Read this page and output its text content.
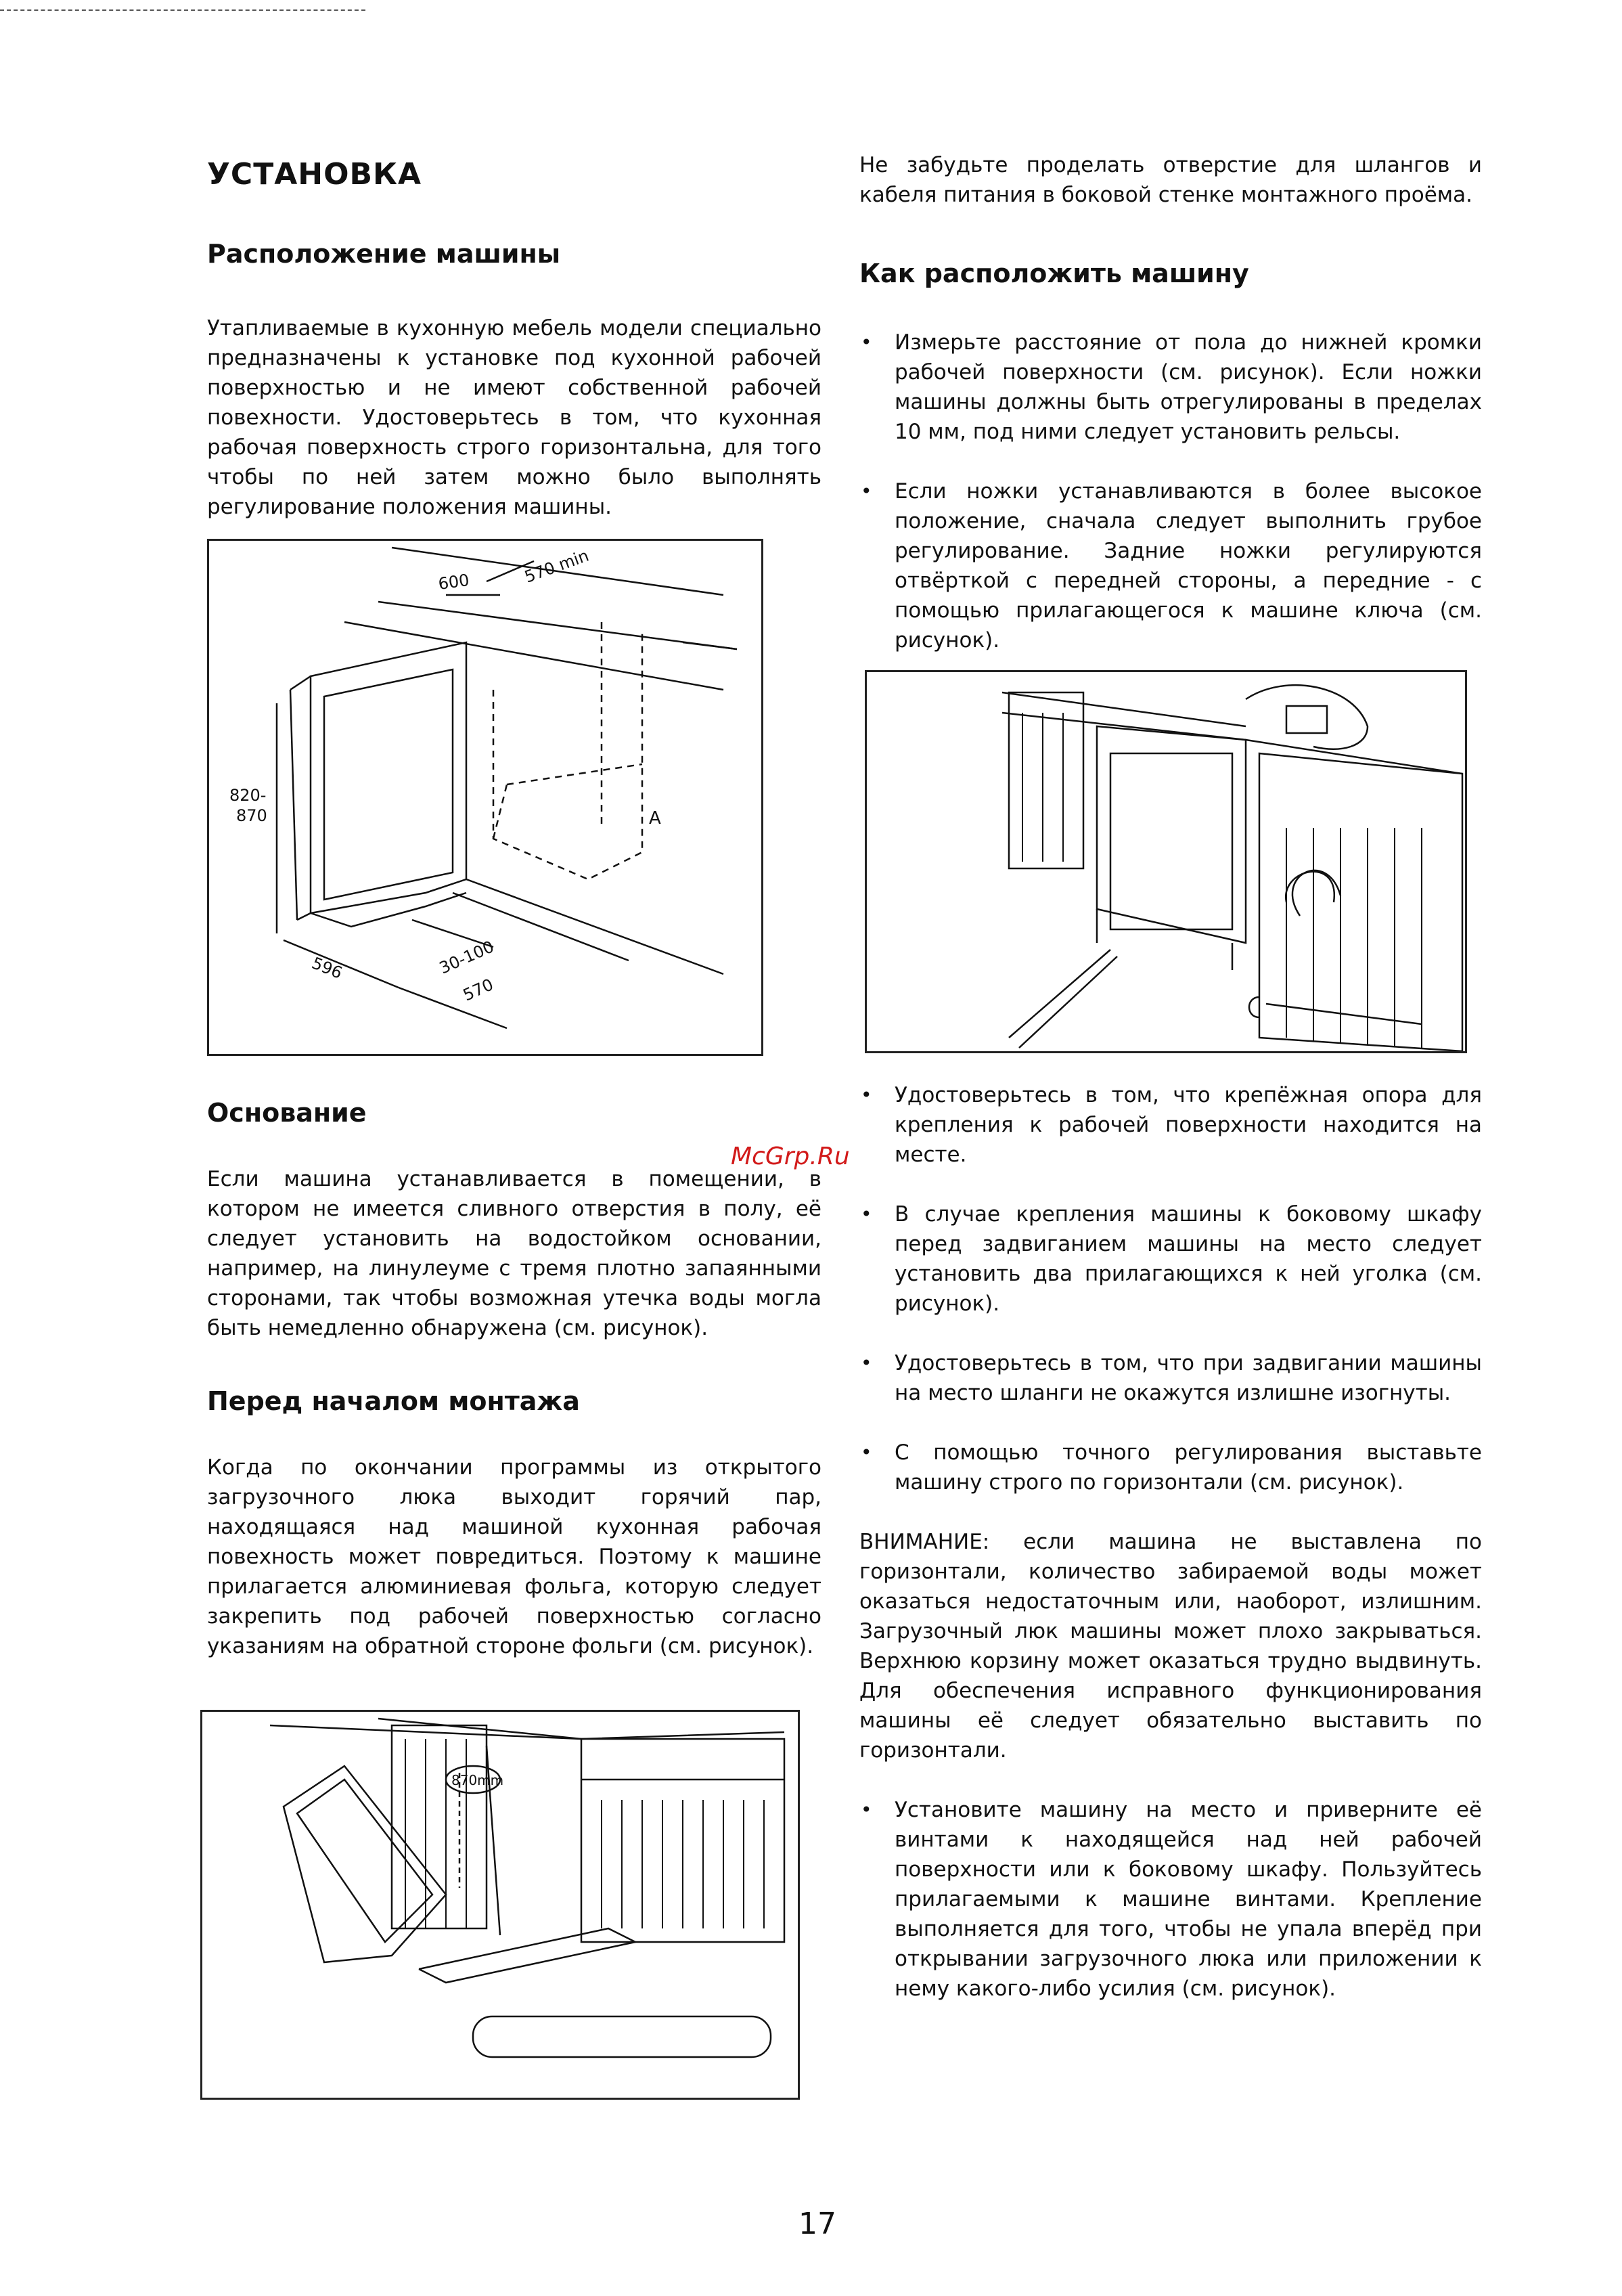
УСТАНОВКА
Расположение машины

Утапливаемые в кухонную мебель модели специально предназначены к установке под кухонной рабочей поверхностью и не имеют собственной рабочей повехности. Удостоверьтесь в том, что кухонная рабочая поверхность строго горизонтальна, для того чтобы по ней затем можно было выполнять регулирование положения машины.

600	570 min
820-
870
596	30-100
570
A
Основание

Если машина устанавливается в помещении, в котором не имеется сливного отверстия в полу, её следует установить на водостойком основании, например, на линулеуме с тремя плотно запаянными сторонами, так чтобы возможная утечка воды могла быть немедленно обнаружена (см. рисунок).

Перед началом монтажа

Когда по окончании программы из открытого загрузочного люка выходит горячий пар, находящаяся над машиной кухонная рабочая повехность может повредиться. Поэтому к машине прилагается алюминиевая фольга, которую следует закрепить под рабочей поверхностью согласно указаниям на обратной стороне фольги (см. рисунок).

870mm

Не забудьте проделать отверстие для шлангов и кабеля питания в боковой стенке монтажного проёма.

Как расположить машину
• Измерьте расстояние от пола до нижней кромки рабочей поверхности (см. рисунок). Если ножки машины должны быть отрегулированы в пределах 10 мм, под ними следует установить рельсы.
• Если ножки устанавливаются в более высокое положение, сначала следует выполнить грубое регулирование. Задние ножки регулируются отвёрткой с передней стороны, а передние - с помощью прилагающегося к машине ключа (см. рисунок).
• Удостоверьтесь в том, что крепёжная опора для крепления к рабочей поверхности находится на месте.
• В случае крепления машины к боковому шкафу перед задвиганием машины на место следует установить два прилагающихся к ней уголка (см. рисунок).
• Удостоверьтесь в том, что при задвигании машины на место шланги не окажутся излишне изогнуты.
• С помощью точного регулирования выставьте машину строго по горизонтали (см. рисунок).

ВНИМАНИЕ: если машина не выставлена по горизонтали, количество забираемой воды может оказаться недостаточным или, наоборот, излишним. Загрузочный люк машины может плохо закрываться. Верхнюю корзину может оказаться трудно выдвинуть. Для обеспечения исправного функционирования машины её следует обязательно выставить по горизонтали.

• Установите машину на место и приверните её винтами к находящейся над ней рабочей поверхности или к боковому шкафу. Пользуйтесь прилагаемыми к машине винтами. Крепление выполняется для того, чтобы не упала вперёд при открывании загрузочного люка или приложении к нему какого-либо усилия (см. рисунок).
McGrp.Ru
17
